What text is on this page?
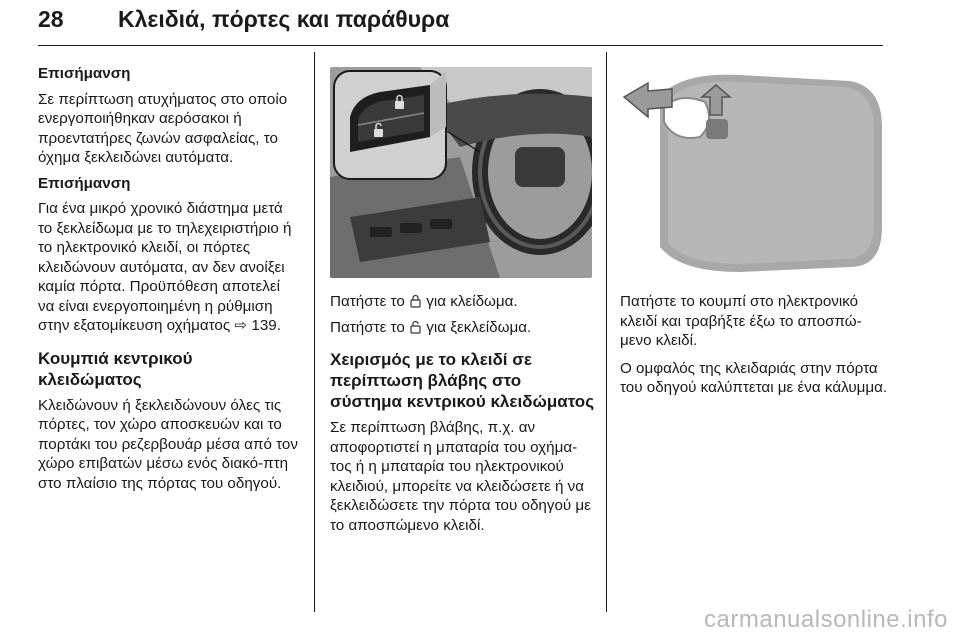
28 Κλειδιά, πόρτες και παράθυρα

Επισήμανση

Σε περίπτωση ατυχήματος στο οποίο ενεργοποιήθηκαν αερόσακοι ή προεντατήρες ζωνών ασφαλείας, το όχημα ξεκλειδώνει αυτόματα.

Επισήμανση

Για ένα μικρό χρονικό διάστημα μετά το ξεκλείδωμα με το τηλεχειριστήριο ή το ηλεκτρονικό κλειδί, οι πόρτες κλειδώνουν αυτόματα, αν δεν ανοίξει καμία πόρτα. Προϋπόθεση αποτελεί να είναι ενεργοποιημένη η ρύθμιση στην εξατομίκευση οχήματος ⇨ 139.

Κουμπιά κεντρικού κλειδώματος

Κλειδώνουν ή ξεκλειδώνουν όλες τις πόρτες, τον χώρο αποσκευών και το πορτάκι του ρεζερβουάρ μέσα από τον χώρο επιβατών μέσω ενός διακό-πτη στο πλαίσιο της πόρτας του οδηγού.

Πατήστε το για κλείδωμα.

Πατήστε το για ξεκλείδωμα.

Χειρισμός με το κλειδί σε περίπτωση βλάβης στο σύστημα κεντρικού κλειδώματος

Σε περίπτωση βλάβης, π.χ. αν αποφορτιστεί η μπαταρία του οχήμα-τος ή η μπαταρία του ηλεκτρονικού κλειδιού, μπορείτε να κλειδώσετε ή να ξεκλειδώσετε την πόρτα του οδηγού με το αποσπώμενο κλειδί.

Πατήστε το κουμπί στο ηλεκτρονικό κλειδί και τραβήξτε έξω το αποσπώ-μενο κλειδί.

Ο ομφαλός της κλειδαριάς στην πόρτα του οδηγού καλύπτεται με ένα κάλυμμα.

carmanualsonline.info
